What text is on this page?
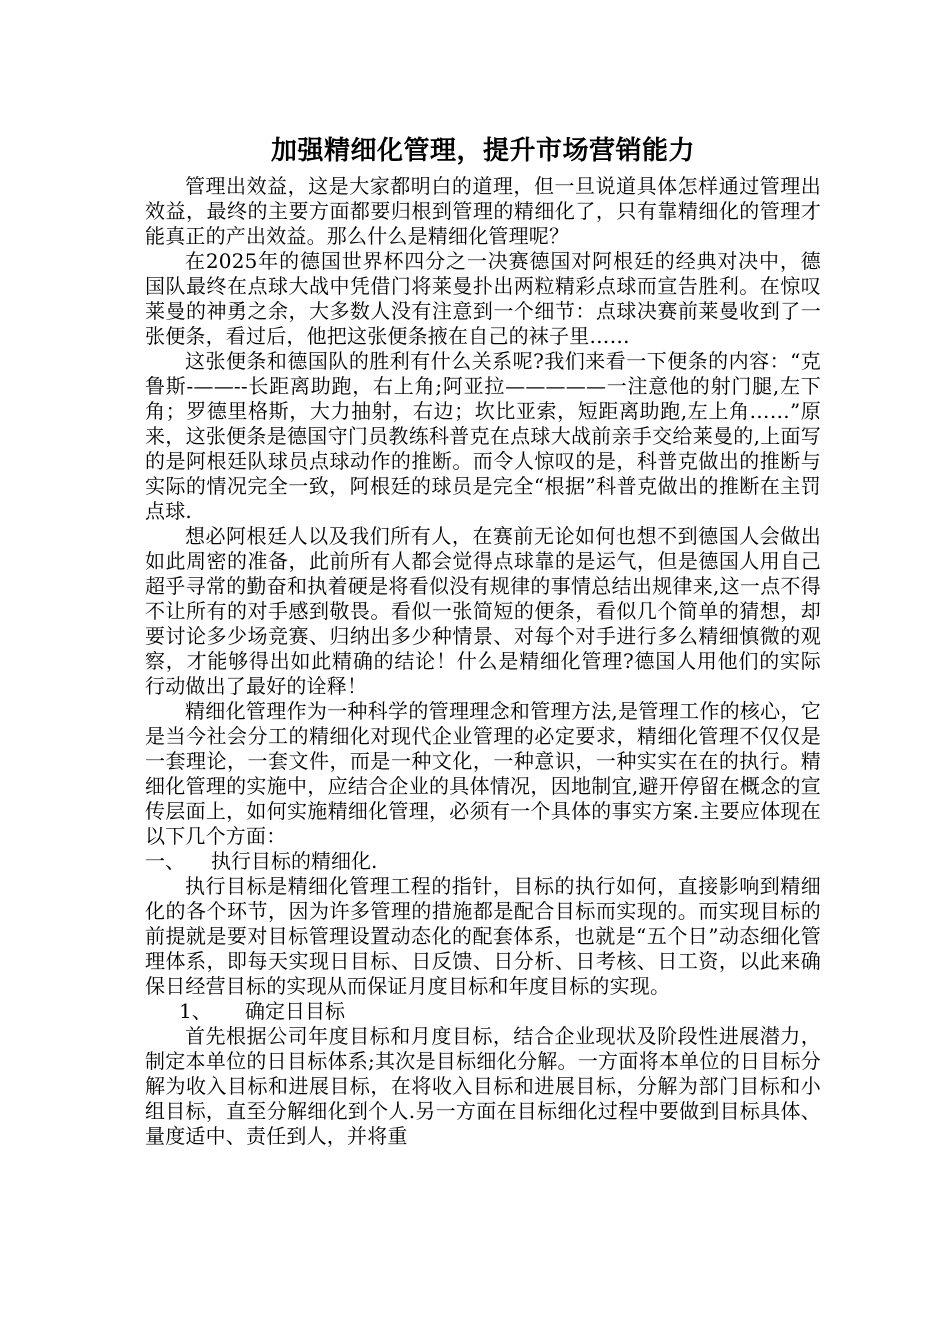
加强精细化管理，提升市场营销能力

管理出效益，这是大家都明白的道理，但一旦说道具体怎样通过管理出效益，最终的主要方面都要归根到管理的精细化了，只有靠精细化的管理才能真正的产出效益。那么什么是精细化管理呢？

在2025年的德国世界杯四分之一决赛德国对阿根廷的经典对决中，德国队最终在点球大战中凭借门将莱曼扑出两粒精彩点球而宣告胜利。在惊叹莱曼的神勇之余，大多数人没有注意到一个细节：点球决赛前莱曼收到了一张便条，看过后，他把这张便条掖在自己的袜子里……

这张便条和德国队的胜利有什么关系呢?我们来看一下便条的内容：“克鲁斯-——--长距离助跑，右上角;阿亚拉—————一注意他的射门腿,左下角；罗德里格斯，大力抽射，右边；坎比亚索，短距离助跑,左上角……”原来，这张便条是德国守门员教练科普克在点球大战前亲手交给莱曼的,上面写的是阿根廷队球员点球动作的推断。而令人惊叹的是，科普克做出的推断与实际的情况完全一致，阿根廷的球员是完全“根据”科普克做出的推断在主罚点球.

想必阿根廷人以及我们所有人，在赛前无论如何也想不到德国人会做出如此周密的准备，此前所有人都会觉得点球靠的是运气，但是德国人用自己超乎寻常的勤奋和执着硬是将看似没有规律的事情总结出规律来,这一点不得不让所有的对手感到敬畏。看似一张简短的便条，看似几个简单的猜想，却要讨论多少场竞赛、归纳出多少种情景、对每个对手进行多么精细慎微的观察，才能够得出如此精确的结论！什么是精细化管理?德国人用他们的实际行动做出了最好的诠释！

精细化管理作为一种科学的管理理念和管理方法,是管理工作的核心，它是当今社会分工的精细化对现代企业管理的必定要求，精细化管理不仅仅是一套理论，一套文件，而是一种文化，一种意识，一种实实在在的执行。精细化管理的实施中，应结合企业的具体情况，因地制宜,避开停留在概念的宣传层面上，如何实施精细化管理，必须有一个具体的事实方案.主要应体现在以下几个方面：

一、 执行目标的精细化.

执行目标是精细化管理工程的指针，目标的执行如何，直接影响到精细化的各个环节，因为许多管理的措施都是配合目标而实现的。而实现目标的前提就是要对目标管理设置动态化的配套体系，也就是“五个日”动态细化管理体系，即每天实现日目标、日反馈、日分析、日考核、日工资，以此来确保日经营目标的实现从而保证月度目标和年度目标的实现。

1、 确定日目标

首先根据公司年度目标和月度目标，结合企业现状及阶段性进展潜力，制定本单位的日目标体系;其次是目标细化分解。一方面将本单位的日目标分解为收入目标和进展目标，在将收入目标和进展目标，分解为部门目标和小组目标，直至分解细化到个人.另一方面在目标细化过程中要做到目标具体、量度适中、责任到人，并将重
